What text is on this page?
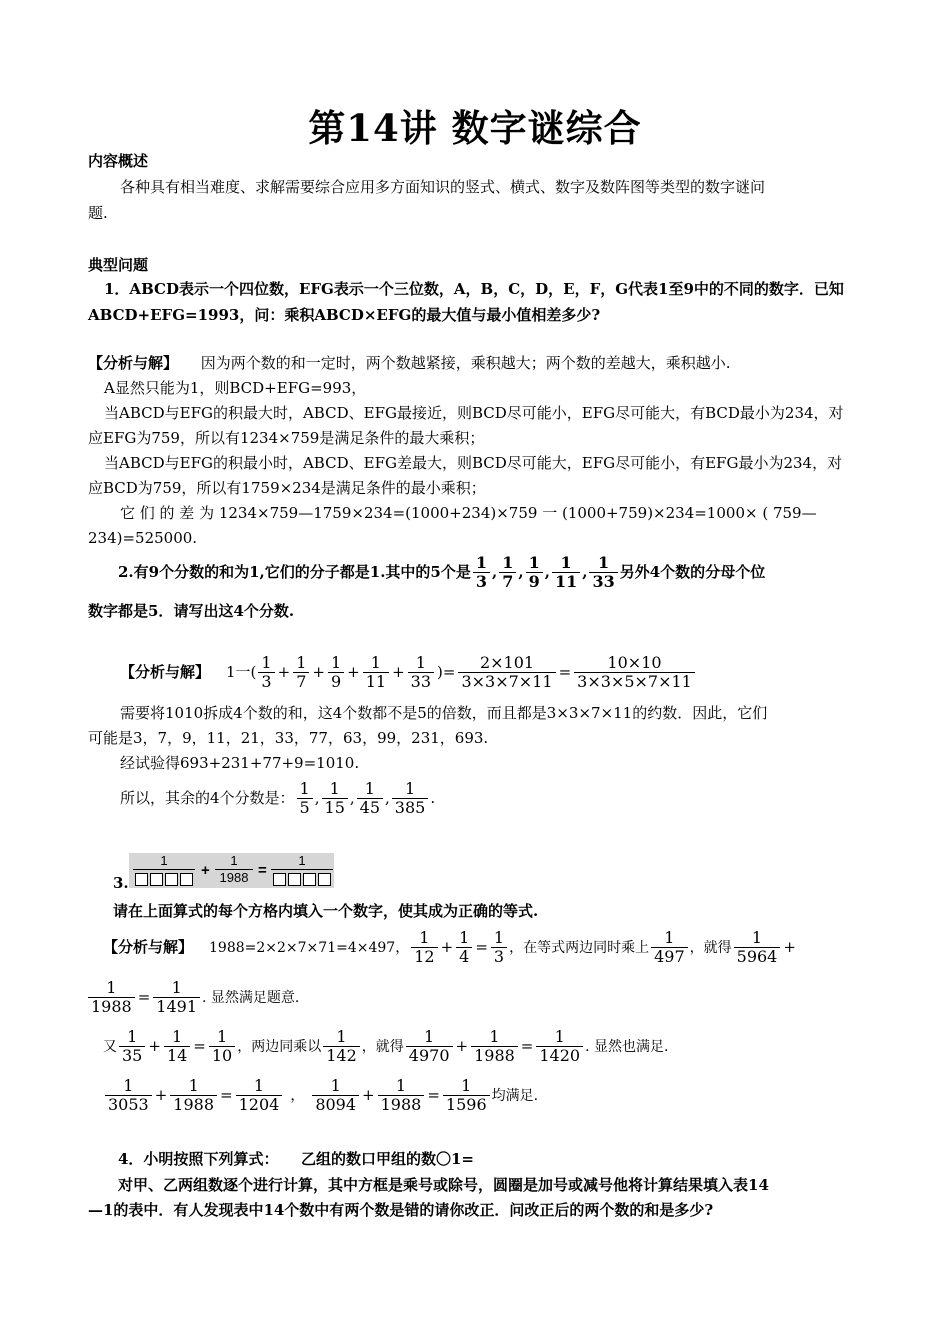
第14讲 数字谜综合
内容概述
各种具有相当难度、求解需要综合应用多方面知识的竖式、横式、数字及数阵图等类型的数字谜问
题.
典型问题
1．ABCD表示一个四位数，EFG表示一个三位数，A，B，C，D，E，F，G代表1至9中的不同的数字．已知
ABCD+EFG=1993，问：乘积ABCD×EFG的最大值与最小值相差多少?
【分析与解】 因为两个数的和一定时，两个数越紧接，乘积越大；两个数的差越大，乘积越小.
A显然只能为1，则BCD+EFG=993，
当ABCD与EFG的积最大时，ABCD、EFG最接近，则BCD尽可能小，EFG尽可能大，有BCD最小为234，对
应EFG为759，所以有1234×759是满足条件的最大乘积；
当ABCD与EFG的积最小时，ABCD、EFG差最大，则BCD尽可能大，EFG尽可能小，有EFG最小为234，对
应BCD为759，所以有1759×234是满足条件的最小乘积；
它 们 的 差 为 1234×759—1759×234=(1000+234)×759 一 (1000+759)×234=1000× ( 759—
234)=525000.
2.有9个分数的和为1,它们的分子都是1.其中的5个是 $\frac{1}{3}$ , $\frac{1}{7}$ , $\frac{1}{9}$ , $\frac{1}{11}$ , $\frac{1}{33}$ 另外4个数的分母个位
数字都是5．请写出这4个分数.
【分析与解】 1一( $\frac{1}{3} + \frac{1}{7} + \frac{1}{9} + \frac{1}{11} + \frac{1}{33}$ )= $\frac{2\times 101}{3\times 3\times 7\times 11} = \frac{10\times 10}{3\times 3\times 5\times 7\times 11}$
需要将1010拆成4个数的和，这4个数都不是5的倍数，而且都是3×3×7×11的约数．因此，它们
可能是3，7，9，11，21，33，77，63，99，231，693.
经试验得693+231+77+9=1010.
所以，其余的4个分数是： $\frac{1}{5}$ , $\frac{1}{15}$ , $\frac{1}{45}$ , $\frac{1}{385}$ .
3.
1
+
1
1988 =
1
请在上面算式的每个方格内填入一个数字，使其成为正确的等式.
【分析与解】 1988=2×2×7×71=4×497， $\frac{1}{12} + \frac{1}{4} = \frac{1}{3}$ ，在等式两边同时乘上 $\frac{1}{497}$ ，就得 $\frac{1}{5964}$ +
$\frac{1}{1988} = \frac{1}{1491}$ . 显然满足题意.
又 $\frac{1}{35} + \frac{1}{14} = \frac{1}{10}$ ，两边同乘以 $\frac{1}{142}$ ，就得 $\frac{1}{4970} + \frac{1}{1988} = \frac{1}{1420}$ . 显然也满足.
$\frac{1}{3053} + \frac{1}{1988} = \frac{1}{1204}$ ， $\frac{1}{8094} + \frac{1}{1988} = \frac{1}{1596}$ 均满足.
4．小明按照下列算式：　　乙组的数口甲组的数〇1=
对甲、乙两组数逐个进行计算，其中方框是乘号或除号，圆圈是加号或减号他将计算结果填入表14
—1的表中．有人发现表中14个数中有两个数是错的请你改正．问改正后的两个数的和是多少?
